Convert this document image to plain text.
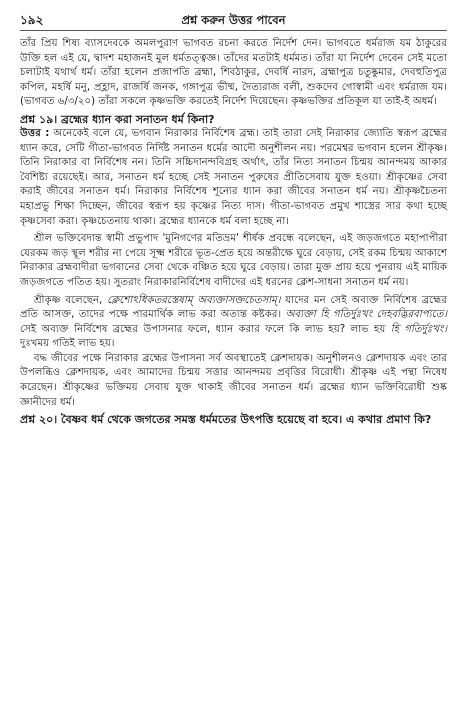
১৯২	প্রশ্ন করুন উত্তর পাবেন

তাঁর প্রিয় শিষ্য ব্যাসদেবকে অমলপুরাণ ভাগবত রচনা করতে নির্দেশ দেন। ভাগবতে ধর্মরাজ যম ঠাকুরের উক্তি হল এই যে, দ্বাদশ মহাজনই মুল ধর্মতত্ত্বজ্ঞ। তাঁদের মতটাই ধর্মমত। তাঁরা যা নির্দেশ দেবেন সেই মতো চলাটাই যথার্থ ধর্ম। তাঁরা হলেন প্রজাপতি ব্রহ্মা, শিবঠাকুর, দেবর্ষি নারদ, ব্রহ্মাপুত্র চতুষ্কুমার, দেবহুতিপুত্র কপিল, মহর্ষি মনু, প্রহ্লাদ, রাজর্ষি জনক, গঙ্গাপুত্র ভীষ্ম, দৈত্যরাজ বলী, শুকদেব গোস্বামী এবং ধর্মরাজ যম। (ভাগবত ৬/৩/২০) তাঁরা সকলে কৃষ্ণভক্তি করতেই নির্দেশ দিয়েছেন। কৃষ্ণভক্তির প্রতিকূল যা তাই-ই অধর্ম।

প্রশ্ন ১৯। ব্রহ্মের ধ্যান করা সনাতন ধর্ম কিনা?

উত্তর : অনেকেই বলে যে, ভগবান নিরাকার নির্বিশেষ ব্রহ্ম। তাই তারা সেই নিরাকার জ্যোতি স্বরূপ ব্রহ্মের ধ্যান করে, সেটি গীতা-ভাগবত নির্দিষ্ট সনাতন ধর্মের আদৌ অনুশীলন নয়। পরমেশ্বর ভগবান হলেন শ্রীকৃষ্ণ। তিনি নিরাকার বা নির্বিশেষ নন। তিনি সচ্চিদানন্দবিগ্রহ অর্থাৎ, তাঁর নিত্য সনাতন চিন্ময় আনন্দময় আকার বৈশিষ্ট্য রয়েছেই। আর, সনাতন ধর্ম হচ্ছে সেই সনাতন পুরুষের প্রীতিসেবায় যুক্ত হওয়া। শ্রীকৃষ্ণের সেবা করাই জীবের সনাতন ধর্ম। নিরাকার নির্বিশেষ শূন্যের ধ্যান করা জীবের সনাতন ধর্ম নয়। শ্রীকৃষ্ণচৈতন্য মহাপ্রভু শিক্ষা দিচ্ছেন, জীবের স্বরূপ হয় কৃষ্ণের নিত্য দাস। গীতা-ভাগবত প্রমুখ শাস্ত্রের সার কথা হচ্ছে কৃষ্ণসেবা করা। কৃষ্ণচেতনায় থাকা। ব্রহ্মের ধ্যানকে ধর্ম বলা হচ্ছে না।

শ্রীল ভক্তিবেদান্ত স্বামী প্রভুপাদ 'মুনিগণের মতিভ্রম' শীর্ষক প্রবন্ধে বলেছেন, এই জড়জগতে মহাপাপীরা যেরকম জড় স্থূল শরীর না পেয়ে সূক্ষ্ম শরীরে ভূত-প্রেত হয়ে অন্তরীক্ষে ঘুরে বেড়ায়, সেই রকম চিন্ময় আকাশে নিরাকার ব্রহ্মবাদীরা ভগবানের সেবা থেকে বঞ্চিত হয়ে ঘুরে বেড়ায়। তারা মুক্ত প্রায় হয়ে পুনরায় এই মায়িক জড়জগতে পতিত হয়। সুতরাং নিরাকারনির্বিশেষ বাদীদের এই ধরনের ক্লেশ-সাধনা সনাতন ধর্ম নয়।

শ্রীকৃষ্ণ বলেছেন, ক্লেশোঽধিকতরস্তেষাম্ অব্যক্তাসক্তচেতসাম্। যাদের মন সেই অব্যক্ত নির্বিশেষ ব্রহ্মের প্রতি আসক্ত, তাদের পক্ষে পারমার্থিক লাভ করা অত্যন্ত কষ্টকর। অব্যক্তা হি গতির্দুঃখং দেহবদ্ভিরবাপ্যতে। সেই অব্যক্ত নির্বিশেষ ব্রহ্মের উপাসনার ফলে, ধ্যান করার ফলে কি লাভ হয়? লাভ হয় হি গতির্দুঃখং। দুঃখময় গতিই লাভ হয়।

বদ্ধ জীবের পক্ষে নিরাকার ব্রহ্মের উপাসনা সর্ব অবস্থাতেই ক্লেশদায়ক। অনুশীলনও ক্লেশদায়ক এবং তার উপলব্ধিও ক্লেশদায়ক, এবং আমাদের চিন্ময় সত্তার আনন্দময় প্রবৃত্তির বিরোধী। শ্রীকৃষ্ণ এই পন্থা নিষেধ করেছেন। শ্রীকৃষ্ণের ভক্তিময় সেবায় যুক্ত থাকাই জীবের সনাতন ধর্ম। ব্রহ্মের ধ্যান ভক্তিবিরোধী শুষ্ক জ্ঞানীদের ধর্ম।

প্রশ্ন ২০। বৈষ্ণব ধর্ম থেকে জগতের সমস্ত ধর্মমতের উৎপত্তি হয়েছে বা হবে। এ কথার প্রমাণ কি?
